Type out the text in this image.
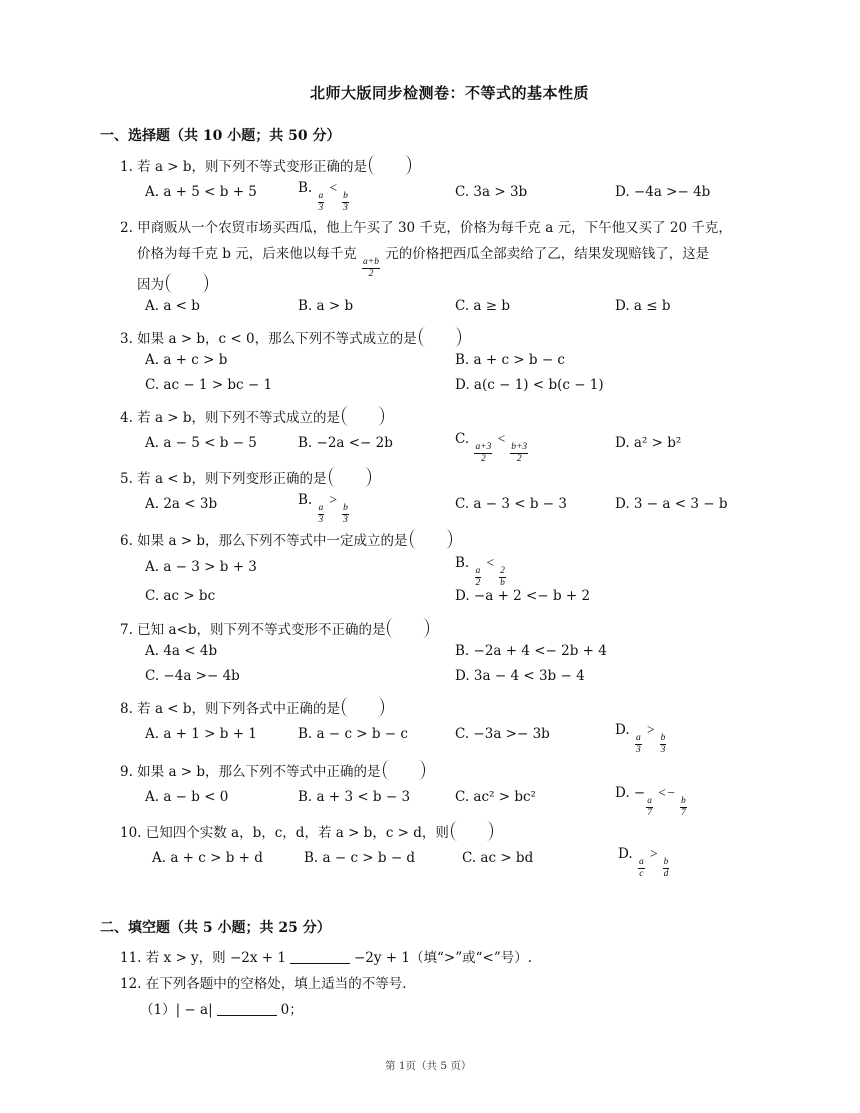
北师大版同步检测卷：不等式的基本性质
一、选择题（共 10 小题；共 50 分）
1. 若 a > b，则下列不等式变形正确的是
A. a + 5 < b + 5	B.
$\frac{a}{3}$
<
$\frac{b}{3}$	C. 3a > 3b	D. −4a >− 4b
2. 甲商贩从一个农贸市场买西瓜，他上午买了 30 千克，价格为每千克 a 元，下午他又买了 20 千克，
价格为每千克 b 元，后来他以每千克
$\frac{a+b}{2}$
元的价格把西瓜全部卖给了乙，结果发现赔钱了，这是
因为
A. a < b	B. a > b	C. a ≥ b	D. a ≤ b
3. 如果 a > b，c < 0，那么下列不等式成立的是
A. a + c > b	B. a + c > b − c
C. ac − 1 > bc − 1	D. a(c − 1) < b(c − 1)
4. 若 a > b，则下列不等式成立的是
A. a − 5 < b − 5	B. −2a <− 2b	C.
$\frac{a+3}{2}$
<
$\frac{b+3}{2}$	D. a² > b²
5. 若 a < b，则下列变形正确的是
A. 2a < 3b	B.
$\frac{a}{3}$
>
$\frac{b}{3}$	C. a − 3 < b − 3	D. 3 − a < 3 − b
6. 如果 a > b，那么下列不等式中一定成立的是
A. a − 3 > b + 3	B.
$\frac{a}{2}$
<
$\frac{2}{b}$
C. ac > bc	D. −a + 2 <− b + 2
7. 已知 a<b，则下列不等式变形不正确的是
A. 4a < 4b	B. −2a + 4 <− 2b + 4
C. −4a >− 4b	D. 3a − 4 < 3b − 4
8. 若 a < b，则下列各式中正确的是
A. a + 1 > b + 1	B. a − c > b − c	C. −3a >− 3b	D.
$\frac{a}{3}$
>
$\frac{b}{3}$
9. 如果 a > b，那么下列不等式中正确的是
A. a − b < 0	B. a + 3 < b − 3	C. ac² > bc²	D. −
$\frac{a}{7}$
<−
$\frac{b}{7}$
10. 已知四个实数 a，b，c，d，若 a > b，c > d，则
A. a + c > b + d	B. a − c > b − d	C. ac > bd	D.
$\frac{a}{c}$
>
$\frac{b}{d}$
二、填空题（共 5 小题；共 25 分）
11. 若 x > y，则 −2x + 1	−2y + 1（填“>”或“<”号）.
12. 在下列各题中的空格处，填上适当的不等号.
（1）| − a|	0；
第 1页（共 5 页）
